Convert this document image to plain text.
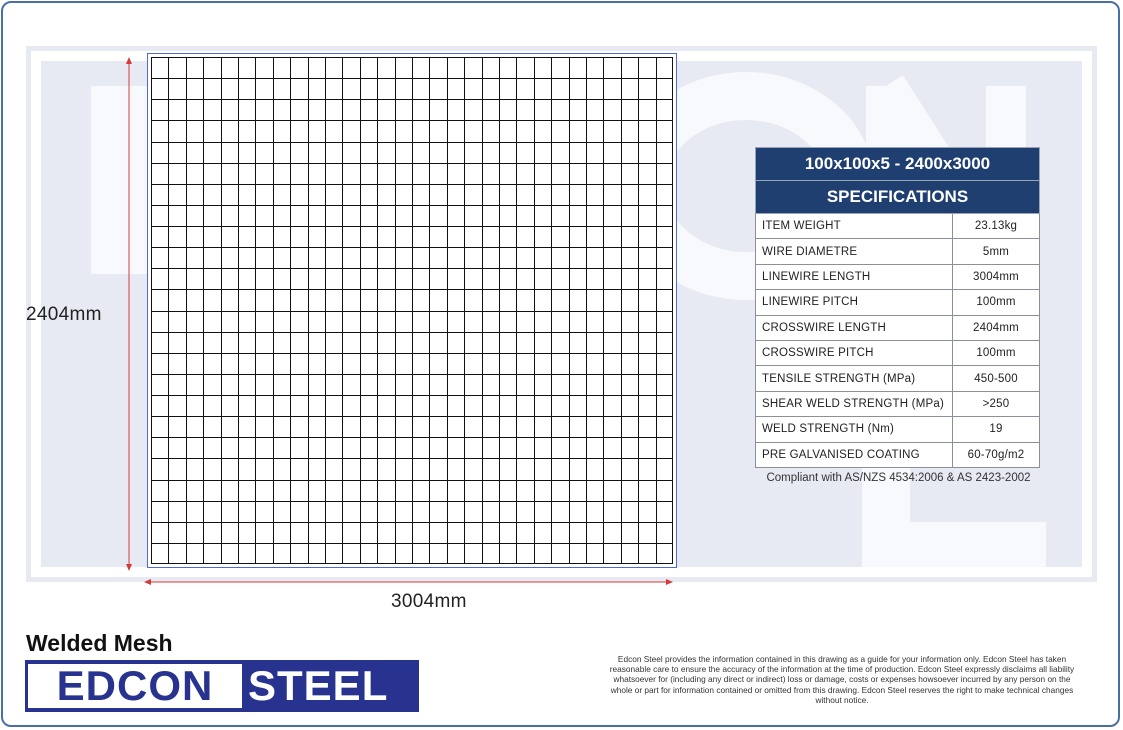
2404mm
3004mm
100x100x5 - 2400x3000	
SPECIFICATIONS	
ITEM WEIGHT	23.13kg
WIRE DIAMETRE	5mm
LINEWIRE LENGTH	3004mm
LINEWIRE PITCH	100mm
CROSSWIRE LENGTH	2404mm
CROSSWIRE PITCH	100mm
TENSILE STRENGTH (MPa)	450-500
SHEAR WELD STRENGTH (MPa)	>250
WELD STRENGTH (Nm)	19
PRE GALVANISED COATING	60-70g/m2
Compliant with AS/NZS 4534:2006 & AS 2423-2002
Welded Mesh
EDCON STEEL
Edcon Steel provides the information contained in this drawing as a guide for your information only. Edcon Steel has taken reasonable care to ensure the accuracy of the information at the time of production. Edcon Steel expressly disclaims all liability whatsoever for (including any direct or indirect) loss or damage, costs or expenses howsoever incurred by any person on the whole or part for information contained or omitted from this drawing. Edcon Steel reserves the right to make technical changes without notice.
